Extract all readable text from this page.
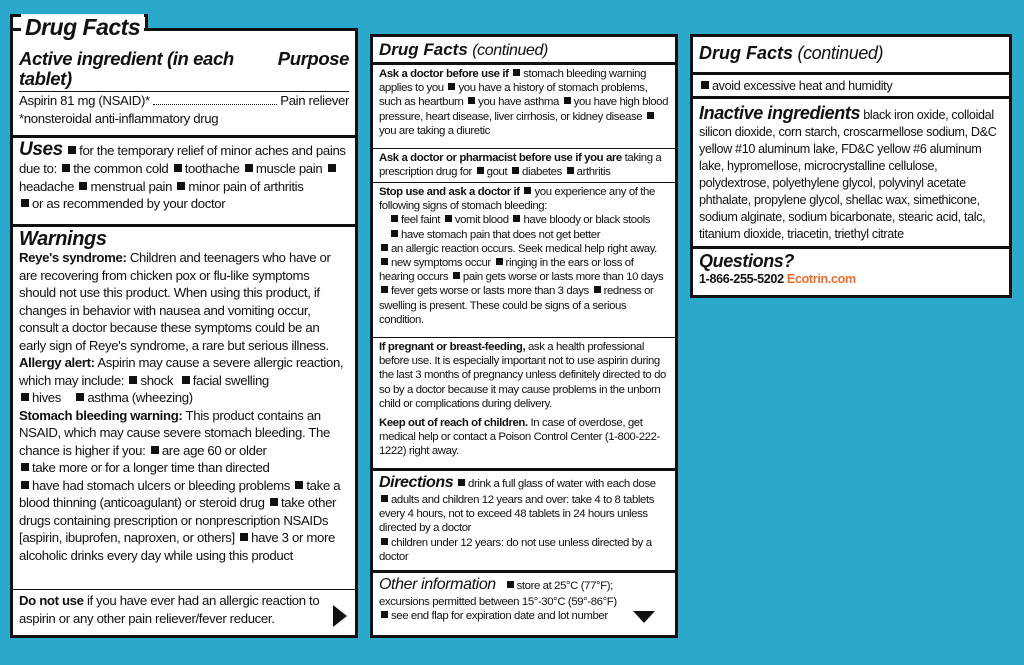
Drug Facts
Active ingredient (in each tablet)
Purpose
Aspirin 81 mg (NSAID)*	Pain reliever
*nonsteroidal anti-inflammatory drug
Uses for the temporary relief of minor aches and pains due to: the common cold toothache muscle pain headache menstrual pain minor pain of arthritis
or as recommended by your doctor
Warnings
Reye's syndrome: Children and teenagers who have or are recovering from chicken pox or flu-like symptoms should not use this product. When using this product, if changes in behavior with nausea and vomiting occur, consult a doctor because these symptoms could be an early sign of Reye's syndrome, a rare but serious illness.
Allergy alert: Aspirin may cause a severe allergic reaction, which may include: shock facial swelling
hives asthma (wheezing)
Stomach bleeding warning: This product contains an NSAID, which may cause severe stomach bleeding. The chance is higher if you: are age 60 or older
take more or for a longer time than directed
have had stomach ulcers or bleeding problems take a blood thinning (anticoagulant) or steroid drug take other drugs containing prescription or nonprescription NSAIDs [aspirin, ibuprofen, naproxen, or others] have 3 or more alcoholic drinks every day while using this product
Do not use if you have ever had an allergic reaction to aspirin or any other pain reliever/fever reducer.
Drug Facts (continued)
Ask a doctor before use if stomach bleeding warning applies to you you have a history of stomach problems, such as heartburn you have asthma you have high blood pressure, heart disease, liver cirrhosis, or kidney disease you are taking a diuretic
Ask a doctor or pharmacist before use if you are taking a prescription drug for gout diabetes arthritis
Stop use and ask a doctor if you experience any of the following signs of stomach bleeding:
feel faint vomit blood have bloody or black stools
have stomach pain that does not get better
an allergic reaction occurs. Seek medical help right away.
new symptoms occur ringing in the ears or loss of hearing occurs pain gets worse or lasts more than 10 days fever gets worse or lasts more than 3 days redness or swelling is present. These could be signs of a serious condition.
If pregnant or breast-feeding, ask a health professional before use. It is especially important not to use aspirin during the last 3 months of pregnancy unless definitely directed to do so by a doctor because it may cause problems in the unborn child or complications during delivery.
Keep out of reach of children. In case of overdose, get medical help or contact a Poison Control Center (1-800-222-1222) right away.
Directions drink a full glass of water with each dose
adults and children 12 years and over: take 4 to 8 tablets every 4 hours, not to exceed 48 tablets in 24 hours unless directed by a doctor
children under 12 years: do not use unless directed by a doctor
Other information store at 25°C (77°F); excursions permitted between 15°-30°C (59°-86°F)
see end flap for expiration date and lot number
Drug Facts (continued)
avoid excessive heat and humidity
Inactive ingredients black iron oxide, colloidal silicon dioxide, corn starch, croscarmellose sodium, D&C yellow #10 aluminum lake, FD&C yellow #6 aluminum lake, hypromellose, microcrystalline cellulose, polydextrose, polyethylene glycol, polyvinyl acetate phthalate, propylene glycol, shellac wax, simethicone, sodium alginate, sodium bicarbonate, stearic acid, talc, titanium dioxide, triacetin, triethyl citrate
Questions?
1-866-255-5202 Ecotrin.com
